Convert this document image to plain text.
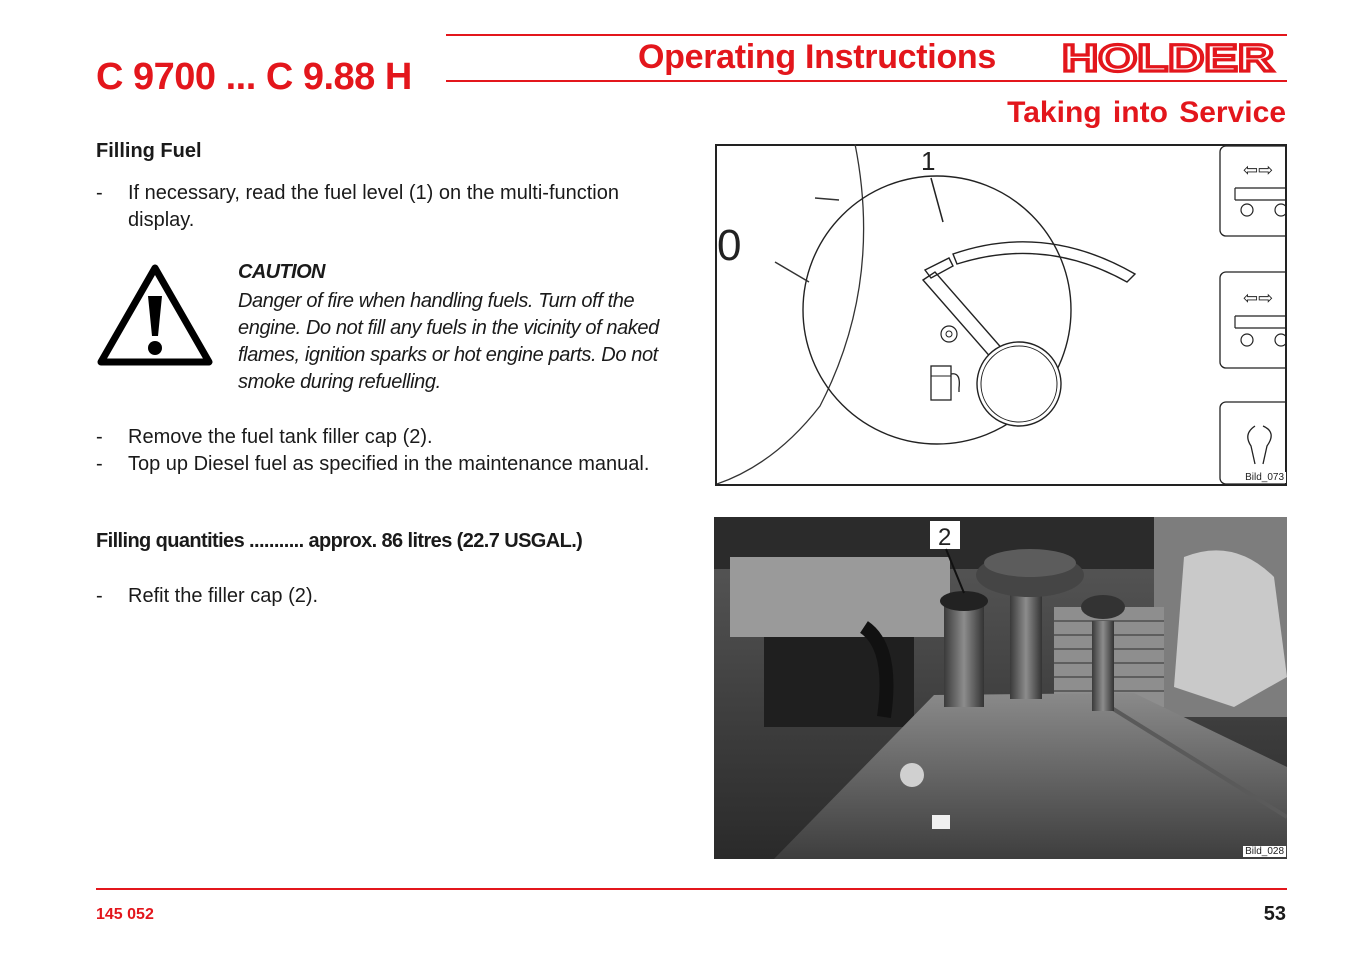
Operating Instructions HOLDER
C 9700 ... C 9.88 H
Taking into Service
Filling Fuel
- If necessary, read the fuel level (1) on the multi-function display.
CAUTION
Danger of fire when handling fuels. Turn off the engine. Do not fill any fuels in the vicinity of naked flames, ignition sparks or hot engine parts. Do not smoke during refuelling.
- Remove the fuel tank filler cap (2).
- Top up Diesel fuel as specified in the maintenance manual.
Filling quantities ........... approx. 86 litres (22.7 USGAL.)
- Refit the filler cap (2).
0
1	⇦⇨
⇦⇨
Bild_073
2
Bild_028
145 052	53
